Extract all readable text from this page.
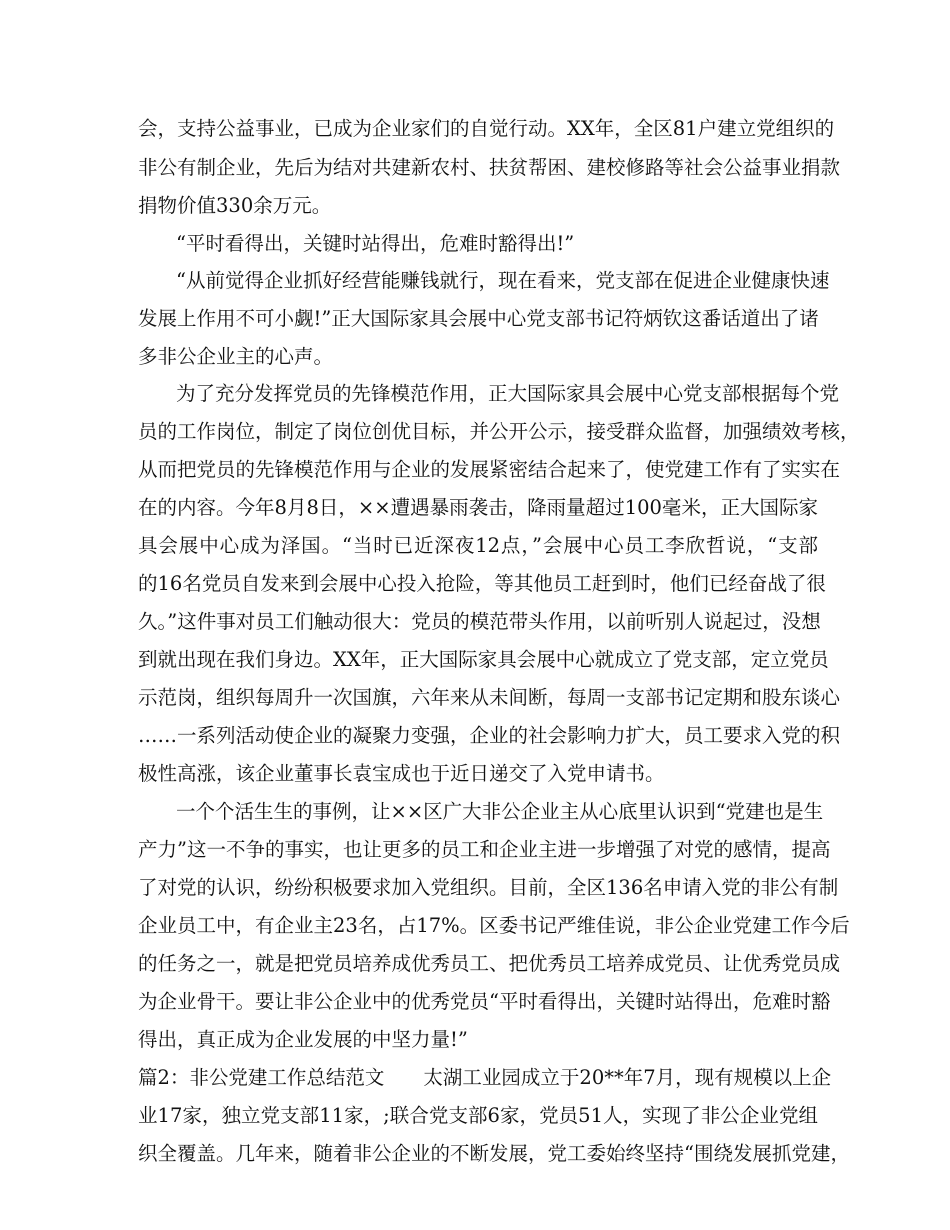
会，支持公益事业，已成为企业家们的自觉行动。XX年，全区81户建立党组织的
非公有制企业，先后为结对共建新农村、扶贫帮困、建校修路等社会公益事业捐款
捐物价值330余万元。
“平时看得出，关键时站得出，危难时豁得出!”
“从前觉得企业抓好经营能赚钱就行，现在看来，党支部在促进企业健康快速
发展上作用不可小觑!”正大国际家具会展中心党支部书记符炳钦这番话道出了诸
多非公企业主的心声。
为了充分发挥党员的先锋模范作用，正大国际家具会展中心党支部根据每个党
员的工作岗位，制定了岗位创优目标，并公开公示，接受群众监督，加强绩效考核，
从而把党员的先锋模范作用与企业的发展紧密结合起来了，使党建工作有了实实在
在的内容。今年8月8日，××遭遇暴雨袭击，降雨量超过100毫米，正大国际家
具会展中心成为泽国。“当时已近深夜12点，”会展中心员工李欣哲说，“支部
的16名党员自发来到会展中心投入抢险，等其他员工赶到时，他们已经奋战了很
久。”这件事对员工们触动很大：党员的模范带头作用，以前听别人说起过，没想
到就出现在我们身边。XX年，正大国际家具会展中心就成立了党支部，定立党员
示范岗，组织每周升一次国旗，六年来从未间断，每周一支部书记定期和股东谈心
……一系列活动使企业的凝聚力变强，企业的社会影响力扩大，员工要求入党的积
极性高涨，该企业董事长袁宝成也于近日递交了入党申请书。
一个个活生生的事例，让××区广大非公企业主从心底里认识到“党建也是生
产力”这一不争的事实，也让更多的员工和企业主进一步增强了对党的感情，提高
了对党的认识，纷纷积极要求加入党组织。目前，全区136名申请入党的非公有制
企业员工中，有企业主23名，占17%。区委书记严维佳说，非公企业党建工作今后
的任务之一，就是把党员培养成优秀员工、把优秀员工培养成党员、让优秀党员成
为企业骨干。要让非公企业中的优秀党员“平时看得出，关键时站得出，危难时豁
得出，真正成为企业发展的中坚力量!”
篇2：非公党建工作总结范文　　太湖工业园成立于20**年7月，现有规模以上企
业17家，独立党支部11家，;联合党支部6家，党员51人，实现了非公企业党组
织全覆盖。几年来，随着非公企业的不断发展，党工委始终坚持“围绕发展抓党建，
